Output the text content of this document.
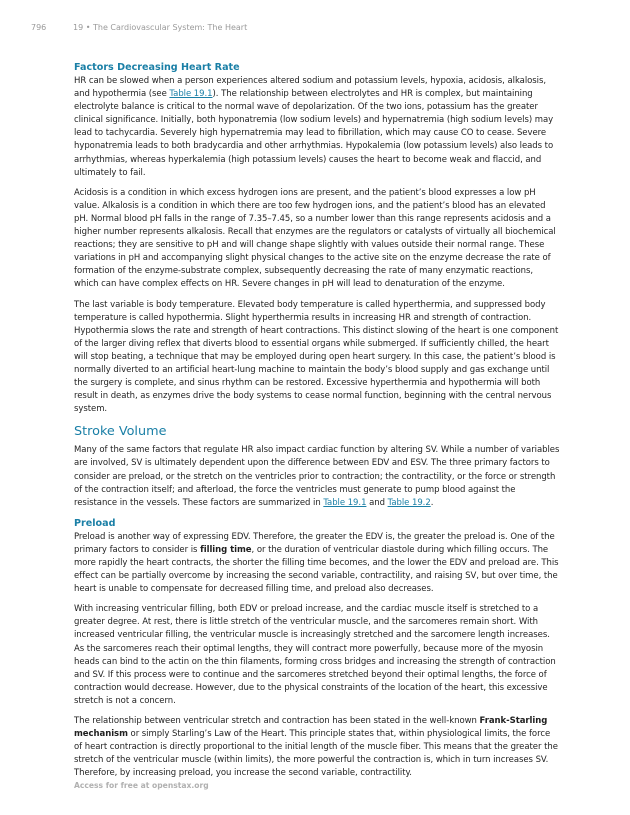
796	19 • The Cardiovascular System: The Heart
Factors Decreasing Heart Rate

HR can be slowed when a person experiences altered sodium and potassium levels, hypoxia, acidosis, alkalosis, and hypothermia (see Table 19.1). The relationship between electrolytes and HR is complex, but maintaining electrolyte balance is critical to the normal wave of depolarization. Of the two ions, potassium has the greater clinical significance. Initially, both hyponatremia (low sodium levels) and hypernatremia (high sodium levels) may lead to tachycardia. Severely high hypernatremia may lead to fibrillation, which may cause CO to cease. Severe hyponatremia leads to both bradycardia and other arrhythmias. Hypokalemia (low potassium levels) also leads to arrhythmias, whereas hyperkalemia (high potassium levels) causes the heart to become weak and flaccid, and ultimately to fail.

Acidosis is a condition in which excess hydrogen ions are present, and the patient’s blood expresses a low pH value. Alkalosis is a condition in which there are too few hydrogen ions, and the patient’s blood has an elevated pH. Normal blood pH falls in the range of 7.35–7.45, so a number lower than this range represents acidosis and a higher number represents alkalosis. Recall that enzymes are the regulators or catalysts of virtually all biochemical reactions; they are sensitive to pH and will change shape slightly with values outside their normal range. These variations in pH and accompanying slight physical changes to the active site on the enzyme decrease the rate of formation of the enzyme-substrate complex, subsequently decreasing the rate of many enzymatic reactions, which can have complex effects on HR. Severe changes in pH will lead to denaturation of the enzyme.

The last variable is body temperature. Elevated body temperature is called hyperthermia, and suppressed body temperature is called hypothermia. Slight hyperthermia results in increasing HR and strength of contraction. Hypothermia slows the rate and strength of heart contractions. This distinct slowing of the heart is one component of the larger diving reflex that diverts blood to essential organs while submerged. If sufficiently chilled, the heart will stop beating, a technique that may be employed during open heart surgery. In this case, the patient’s blood is normally diverted to an artificial heart-lung machine to maintain the body’s blood supply and gas exchange until the surgery is complete, and sinus rhythm can be restored. Excessive hyperthermia and hypothermia will both result in death, as enzymes drive the body systems to cease normal function, beginning with the central nervous system.

Stroke Volume

Many of the same factors that regulate HR also impact cardiac function by altering SV. While a number of variables are involved, SV is ultimately dependent upon the difference between EDV and ESV. The three primary factors to consider are preload, or the stretch on the ventricles prior to contraction; the contractility, or the force or strength of the contraction itself; and afterload, the force the ventricles must generate to pump blood against the resistance in the vessels. These factors are summarized in Table 19.1 and Table 19.2.

Preload

Preload is another way of expressing EDV. Therefore, the greater the EDV is, the greater the preload is. One of the primary factors to consider is filling time, or the duration of ventricular diastole during which filling occurs. The more rapidly the heart contracts, the shorter the filling time becomes, and the lower the EDV and preload are. This effect can be partially overcome by increasing the second variable, contractility, and raising SV, but over time, the heart is unable to compensate for decreased filling time, and preload also decreases.

With increasing ventricular filling, both EDV or preload increase, and the cardiac muscle itself is stretched to a greater degree. At rest, there is little stretch of the ventricular muscle, and the sarcomeres remain short. With increased ventricular filling, the ventricular muscle is increasingly stretched and the sarcomere length increases. As the sarcomeres reach their optimal lengths, they will contract more powerfully, because more of the myosin heads can bind to the actin on the thin filaments, forming cross bridges and increasing the strength of contraction and SV. If this process were to continue and the sarcomeres stretched beyond their optimal lengths, the force of contraction would decrease. However, due to the physical constraints of the location of the heart, this excessive stretch is not a concern.

The relationship between ventricular stretch and contraction has been stated in the well-known Frank-Starling mechanism or simply Starling’s Law of the Heart. This principle states that, within physiological limits, the force of heart contraction is directly proportional to the initial length of the muscle fiber. This means that the greater the stretch of the ventricular muscle (within limits), the more powerful the contraction is, which in turn increases SV. Therefore, by increasing preload, you increase the second variable, contractility.

Access for free at openstax.org
